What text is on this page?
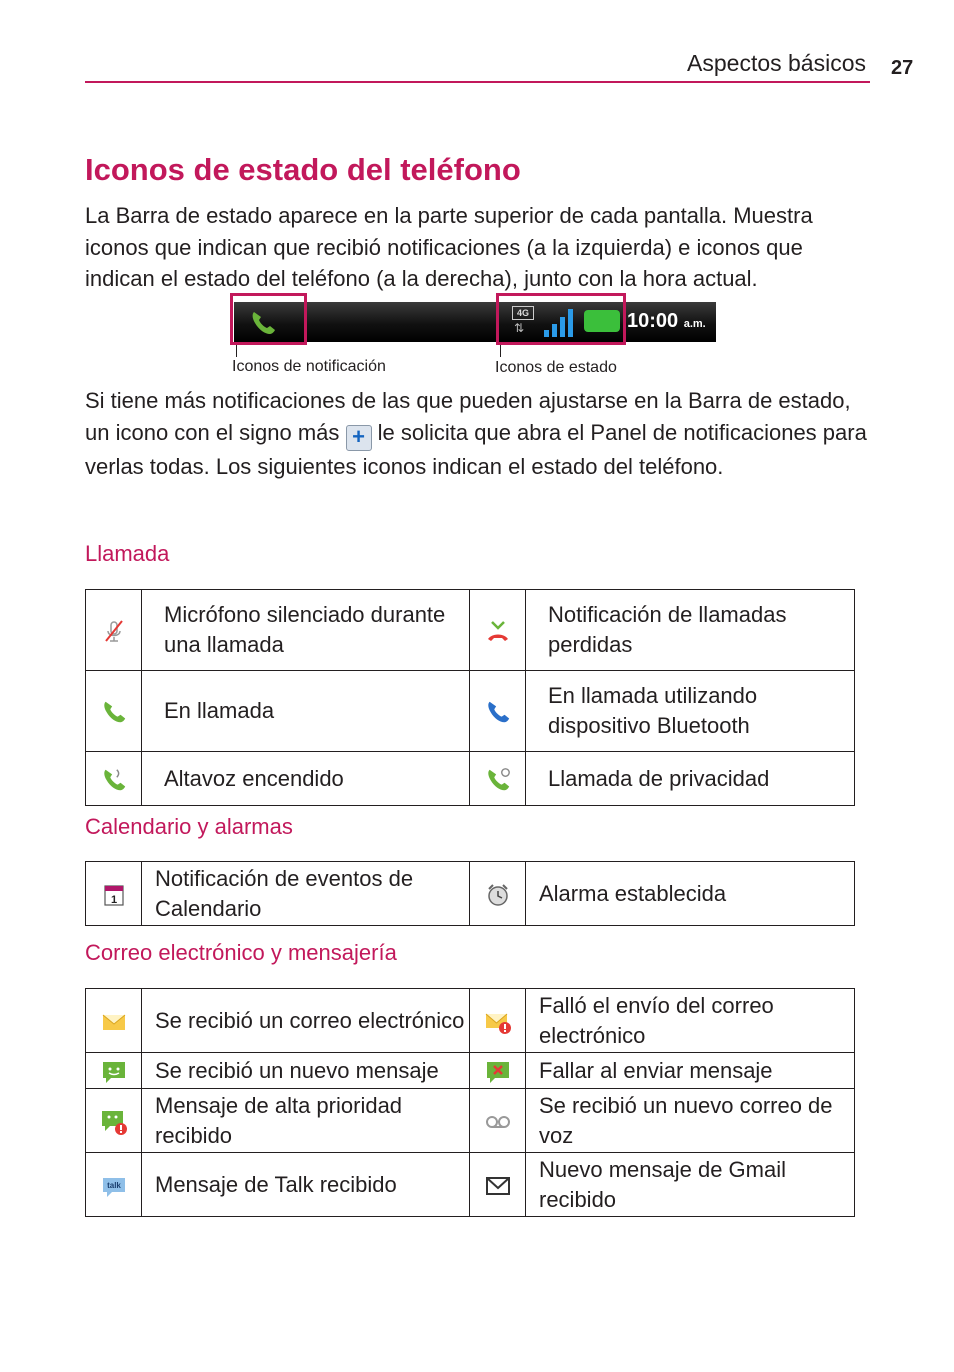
Aspectos básicos 27
Iconos de estado del teléfono

La Barra de estado aparece en la parte superior de cada pantalla. Muestra iconos que indican que recibió notificaciones (a la izquierda) e iconos que indican el estado del teléfono (a la derecha), junto con la hora actual.

4G
⇅	10:00 a.m.
Iconos de notificación	Iconos de estado

Si tiene más notificaciones de las que pueden ajustarse en la Barra de estado, un icono con el signo más + le solicita que abra el Panel de notificaciones para verlas todas. Los siguientes iconos indican el estado del teléfono.

Llamada
	Micrófono silenciado durante una llamada		Notificación de llamadas perdidas
	En llamada		En llamada utilizando dispositivo Bluetooth
	Altavoz encendido		Llamada de privacidad
Calendario y alarmas
1
	Notificación de eventos de Calendario		Alarma establecida
Correo electrónico y mensajería
	Se recibió un correo electrónico		Falló el envío del correo electrónico
	Se recibió un nuevo mensaje		Fallar al enviar mensaje
	Mensaje de alta prioridad recibido		Se recibió un nuevo correo de voz

talk	Mensaje de Talk recibido		Nuevo mensaje de Gmail recibido
